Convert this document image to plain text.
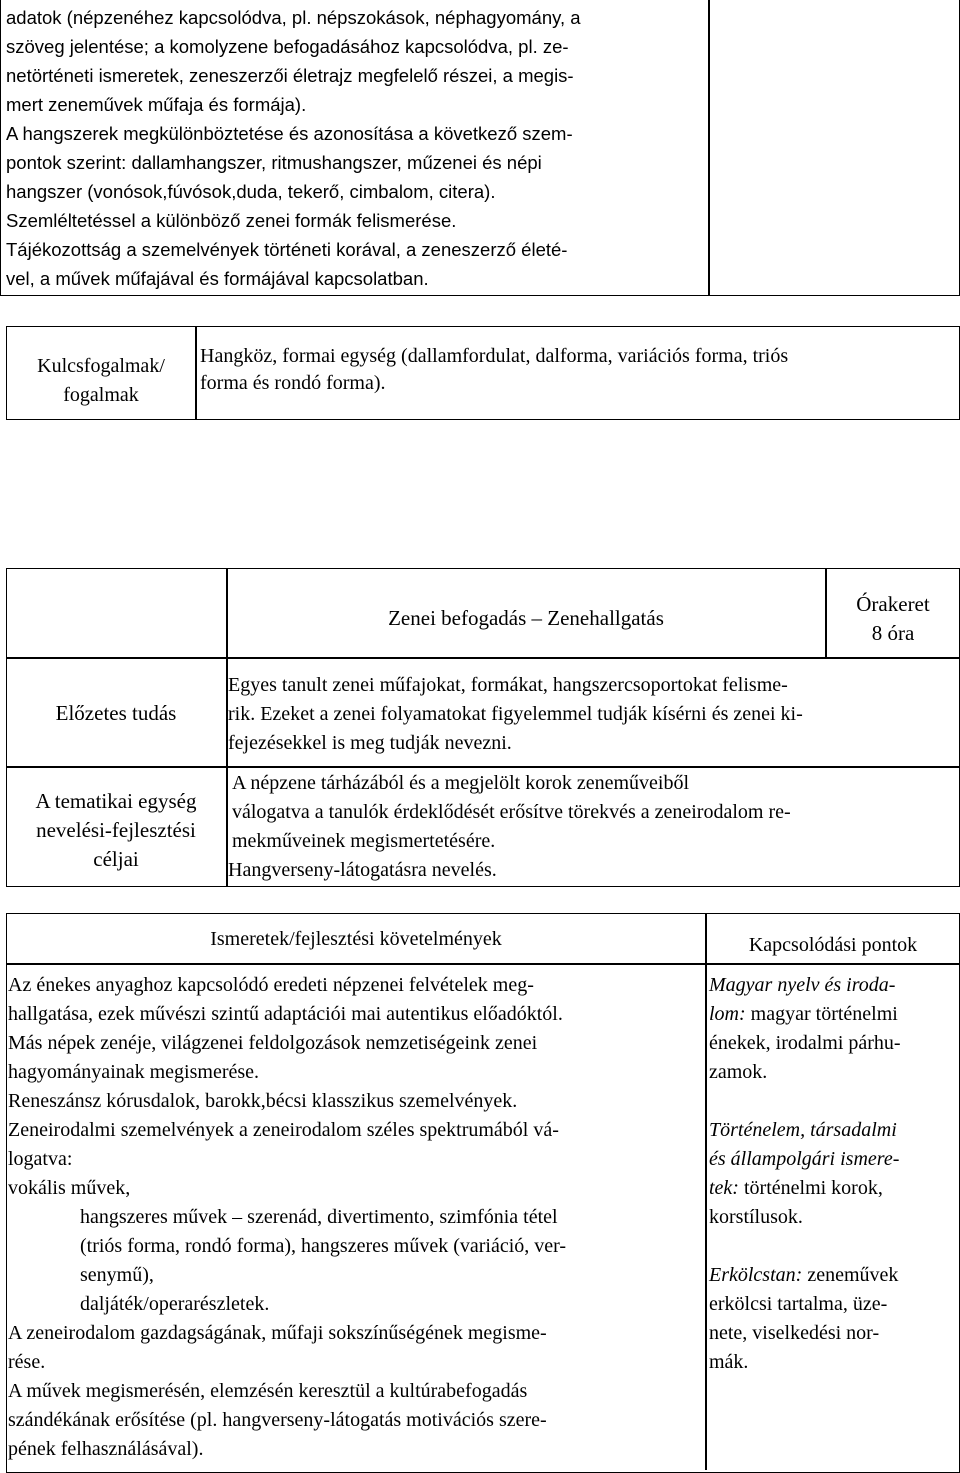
adatok (népzenéhez kapcsolódva, pl. népszokások, néphagyomány, a
szöveg jelentése; a komolyzene befogadásához kapcsolódva, pl. ze-
netörténeti ismeretek, zeneszerzői életrajz megfelelő részei, a megis-
mert zeneművek műfaja és formája).
A hangszerek megkülönböztetése és azonosítása a következő szem-
pontok szerint: dallamhangszer, ritmushangszer, műzenei és népi
hangszer (vonósok,fúvósok,duda, tekerő, cimbalom, citera).
Szemléltetéssel a különböző zenei formák felismerése.
Tájékozottság a szemelvények történeti korával, a zeneszerző életé-
vel, a művek műfajával és formájával kapcsolatban.
Kulcsfogalmak/
fogalmak
Hangköz, formai egység (dallamfordulat, dalforma, variációs forma, triós
forma és rondó forma).
Zenei befogadás – Zenehallgatás
Órakeret
8 óra
Előzetes tudás
Egyes tanult zenei műfajokat, formákat, hangszercsoportokat felisme-
rik. Ezeket a zenei folyamatokat figyelemmel tudják kísérni és zenei ki-
fejezésekkel is meg tudják nevezni.
A tematikai egység
nevelési-fejlesztési
céljai
A népzene tárházából és a megjelölt korok zeneműveiből
válogatva a tanulók érdeklődését erősítve törekvés a zeneirodalom re-
mekműveinek megismertetésére.
Hangverseny-látogatásra nevelés.
Ismeretek/fejlesztési követelmények	Kapcsolódási pontok
Az énekes anyaghoz kapcsolódó eredeti népzenei felvételek meg-
hallgatása, ezek művészi szintű adaptációi mai autentikus előadóktól.
Más népek zenéje, világzenei feldolgozások nemzetiségeink zenei
hagyományainak megismerése.
Reneszánsz kórusdalok, barokk,bécsi klasszikus szemelvények.
Zeneirodalmi szemelvények a zeneirodalom széles spektrumából vá-
logatva:
vokális művek,
hangszeres művek – szerenád, divertimento, szimfónia tétel
(triós forma, rondó forma), hangszeres művek (variáció, ver-
senymű),
daljáték/operarészletek.
A zeneirodalom gazdagságának, műfaji sokszínűségének megisme-
rése.
A művek megismerésén, elemzésén keresztül a kultúrabefogadás
szándékának erősítése (pl. hangverseny-látogatás motivációs szere-
pének felhasználásával).
Magyar nyelv és iroda-
lom: magyar történelmi
énekek, irodalmi párhu-
zamok.
Történelem, társadalmi
és állampolgári ismere-
tek: történelmi korok,
korstílusok.
Erkölcstan: zeneművek
erkölcsi tartalma, üze-
nete, viselkedési nor-
mák.
